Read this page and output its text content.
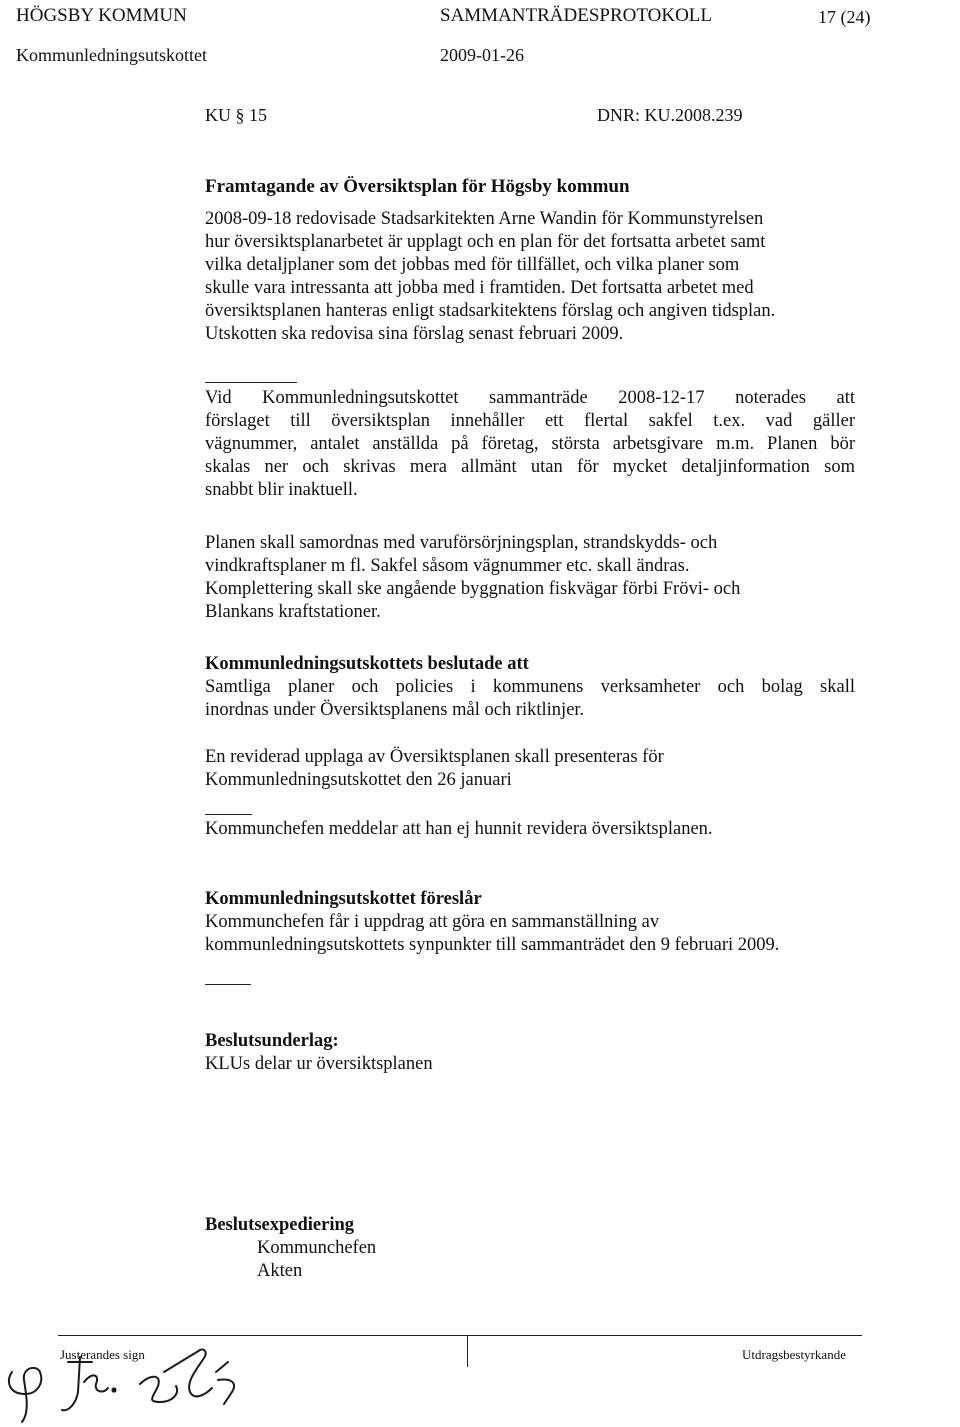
HÖGSBY KOMMUN	SAMMANTRÄDESPROTOKOLL	17 (24)
Kommunledningsutskottet	2009-01-26
KU § 15	DNR: KU.2008.239
Framtagande av Översiktsplan för Högsby kommun
2008-09-18 redovisade Stadsarkitekten Arne Wandin för Kommunstyrelsen
hur översiktsplanarbetet är upplagt och en plan för det fortsatta arbetet samt
vilka detaljplaner som det jobbas med för tillfället, och vilka planer som
skulle vara intressanta att jobba med i framtiden. Det fortsatta arbetet med
översiktsplanen hanteras enligt stadsarkitektens förslag och angiven tidsplan.
Utskotten ska redovisa sina förslag senast februari 2009.
Vid Kommunledningsutskottet sammanträde 2008-12-17 noterades att
förslaget till översiktsplan innehåller ett flertal sakfel t.ex. vad gäller
vägnummer, antalet anställda på företag, största arbetsgivare m.m. Planen bör
skalas ner och skrivas mera allmänt utan för mycket detaljinformation som
snabbt blir inaktuell.
Planen skall samordnas med varuförsörjningsplan, strandskydds- och
vindkraftsplaner m fl. Sakfel såsom vägnummer etc. skall ändras.
Komplettering skall ske angående byggnation fiskvägar förbi Frövi- och
Blankans kraftstationer.
Kommunledningsutskottets beslutade att
Samtliga planer och policies i kommunens verksamheter och bolag skall
inordnas under Översiktsplanens mål och riktlinjer.
En reviderad upplaga av Översiktsplanen skall presenteras för
Kommunledningsutskottet den 26 januari
Kommunchefen meddelar att han ej hunnit revidera översiktsplanen.
Kommunledningsutskottet föreslår
Kommunchefen får i uppdrag att göra en sammanställning av
kommunledningsutskottets synpunkter till sammanträdet den 9 februari 2009.
Beslutsunderlag:
KLUs delar ur översiktsplanen
Beslutsexpediering
Kommunchefen
Akten
Justerandes sign	Utdragsbestyrkande
